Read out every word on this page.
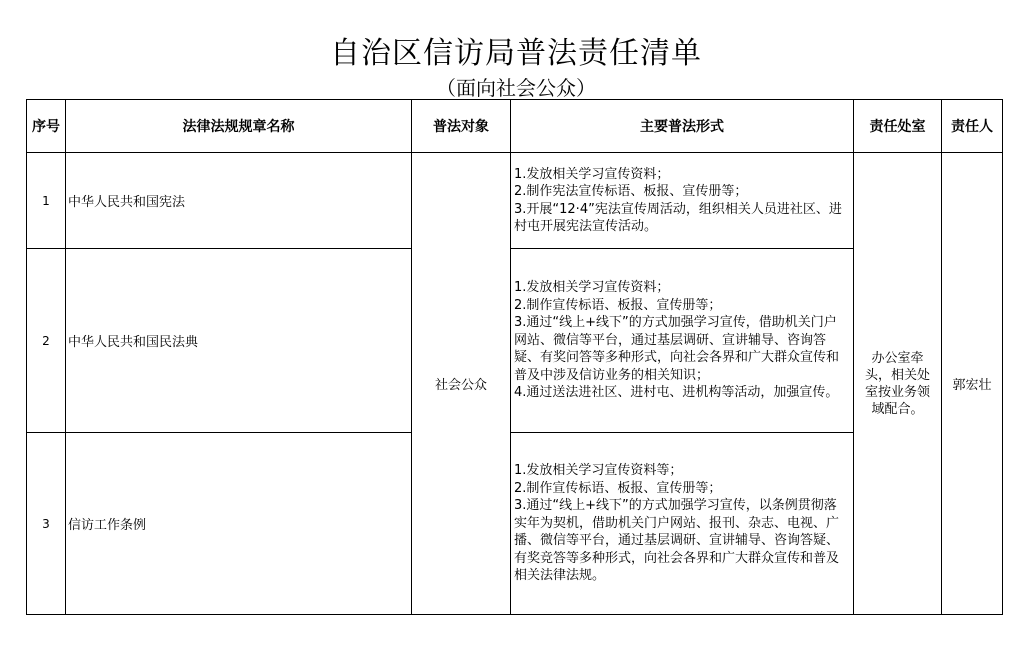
自治区信访局普法责任清单
（面向社会公众）
序号	法律法规规章名称	普法对象	主要普法形式	责任处室	责任人
1	中华人民共和国宪法	社会公众	1.发放相关学习宣传资料；
2.制作宪法宣传标语、板报、宣传册等；
3.开展“12·4”宪法宣传周活动，组织相关人员进社区、进村屯开展宪法宣传活动。	办公室牵头，相关处室按业务领域配合。	郭宏壮
2	中华人民共和国民法典		1.发放相关学习宣传资料；
2.制作宣传标语、板报、宣传册等；
3.通过“线上+线下”的方式加强学习宣传，借助机关门户网站、微信等平台，通过基层调研、宣讲辅导、咨询答疑、有奖问答等多种形式，向社会各界和广大群众宣传和普及中涉及信访业务的相关知识；
4.通过送法进社区、进村屯、进机构等活动，加强宣传。		
3	信访工作条例		1.发放相关学习宣传资料等；
2.制作宣传标语、板报、宣传册等；
3.通过“线上+线下”的方式加强学习宣传，以条例贯彻落实年为契机，借助机关门户网站、报刊、杂志、电视、广播、微信等平台，通过基层调研、宣讲辅导、咨询答疑、有奖竞答等多种形式，向社会各界和广大群众宣传和普及相关法律法规。		
